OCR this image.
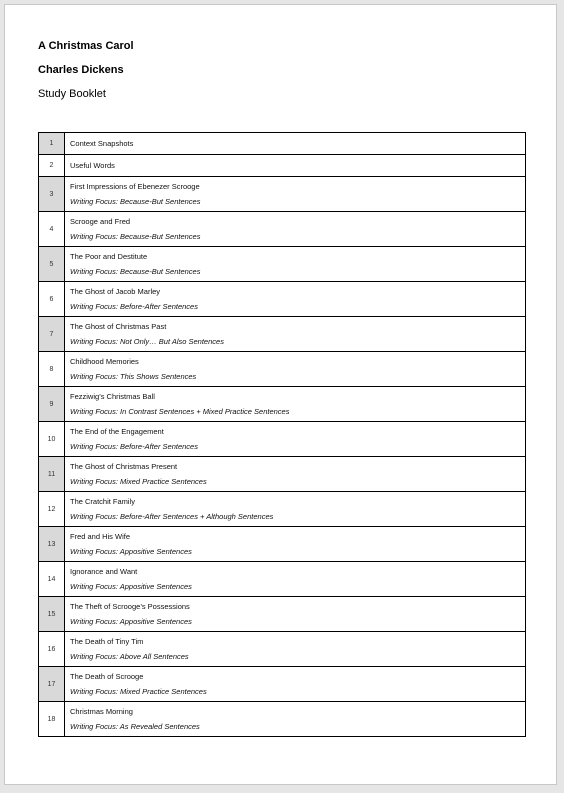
A Christmas Carol
Charles Dickens
Study Booklet
1	Context Snapshots

2	Useful Words

3	First Impressions of Ebenezer Scrooge
Writing Focus: Because-But Sentences

4	Scrooge and Fred
Writing Focus: Because-But Sentences

5	The Poor and Destitute
Writing Focus: Because-But Sentences

6	The Ghost of Jacob Marley
Writing Focus: Before-After Sentences

7	The Ghost of Christmas Past
Writing Focus: Not Only… But Also Sentences

8	Childhood Memories
Writing Focus: This Shows Sentences

9	Fezziwig’s Christmas Ball
Writing Focus: In Contrast Sentences + Mixed Practice Sentences

10	The End of the Engagement
Writing Focus: Before-After Sentences

11	The Ghost of Christmas Present
Writing Focus: Mixed Practice Sentences

12	The Cratchit Family
Writing Focus: Before-After Sentences + Although Sentences

13	Fred and His Wife
Writing Focus: Appositive Sentences

14	Ignorance and Want
Writing Focus: Appositive Sentences

15	The Theft of Scrooge’s Possessions
Writing Focus: Appositive Sentences

16	The Death of Tiny Tim
Writing Focus: Above All Sentences

17	The Death of Scrooge
Writing Focus: Mixed Practice Sentences

18	Christmas Morning
Writing Focus: As Revealed Sentences
